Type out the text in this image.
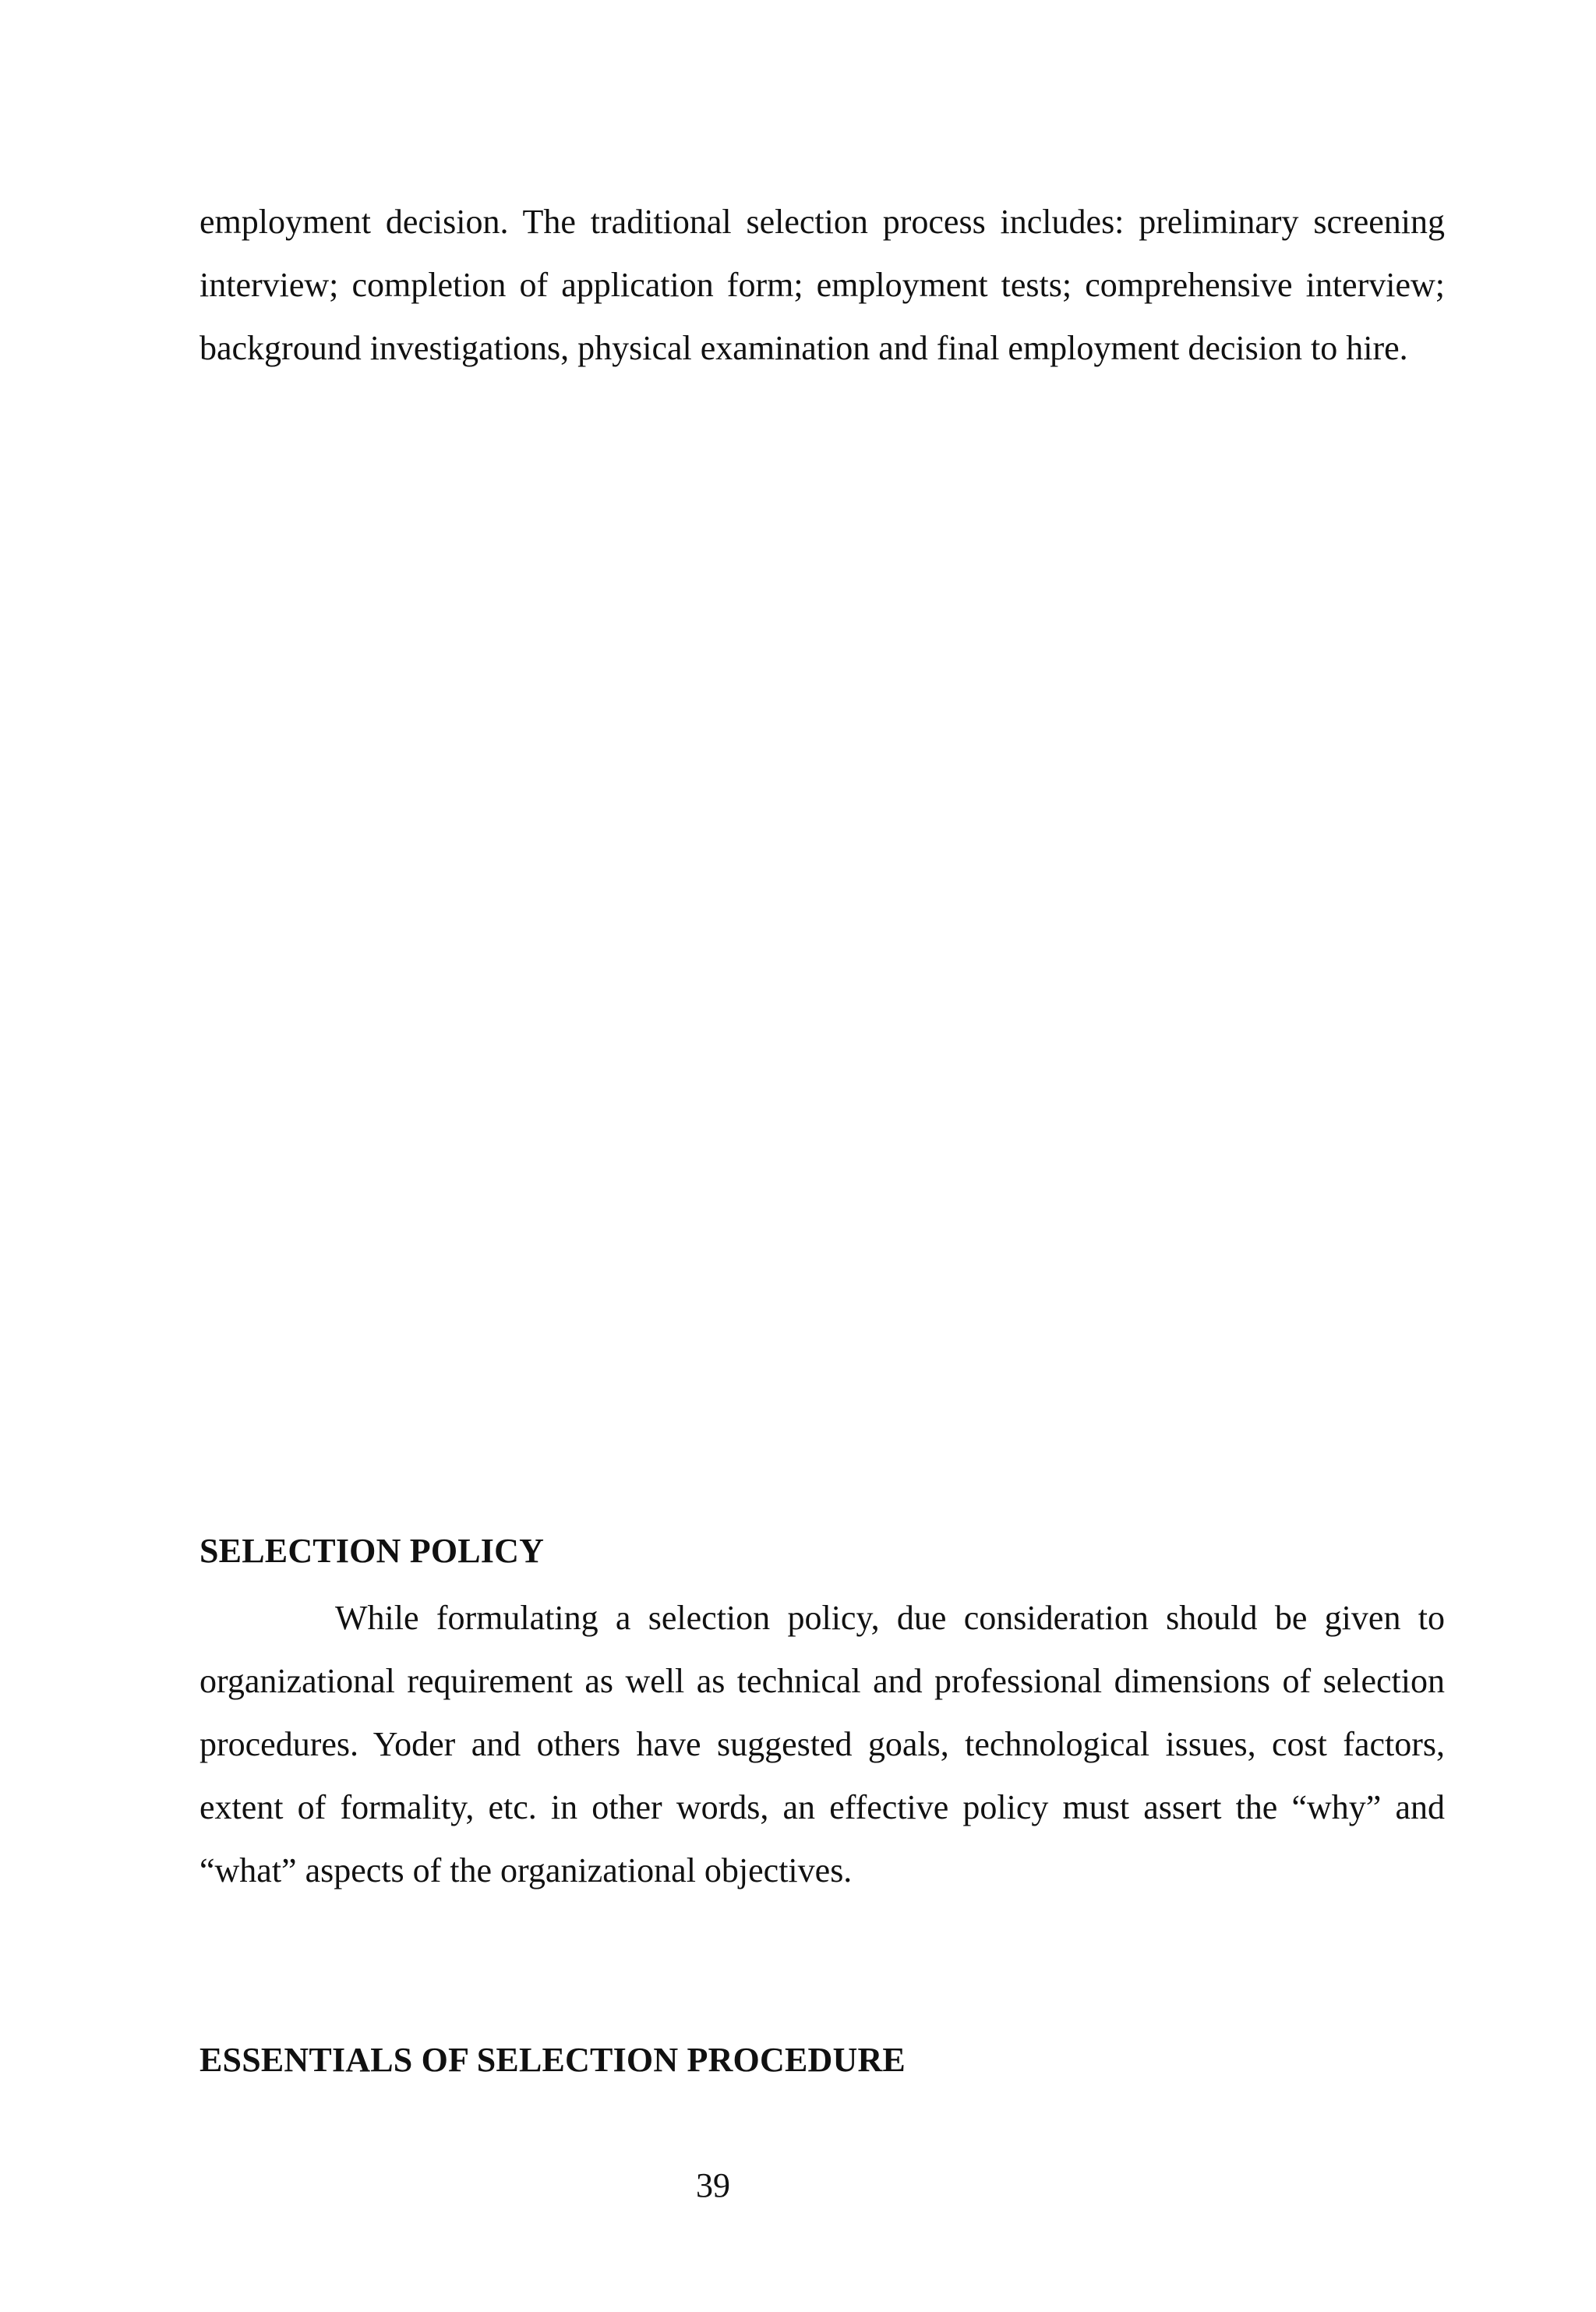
employment decision. The traditional selection process includes: preliminary screening interview; completion of application form; employment tests; comprehensive interview; background investigations, physical examination and final employment decision to hire.

SELECTION POLICY

While formulating a selection policy, due consideration should be given to organizational requirement as well as technical and professional dimensions of selection procedures. Yoder and others have suggested goals, technological issues, cost factors, extent of formality, etc. in other words, an effective policy must assert the “why” and “what” aspects of the organizational objectives.

ESSENTIALS OF SELECTION PROCEDURE
39
